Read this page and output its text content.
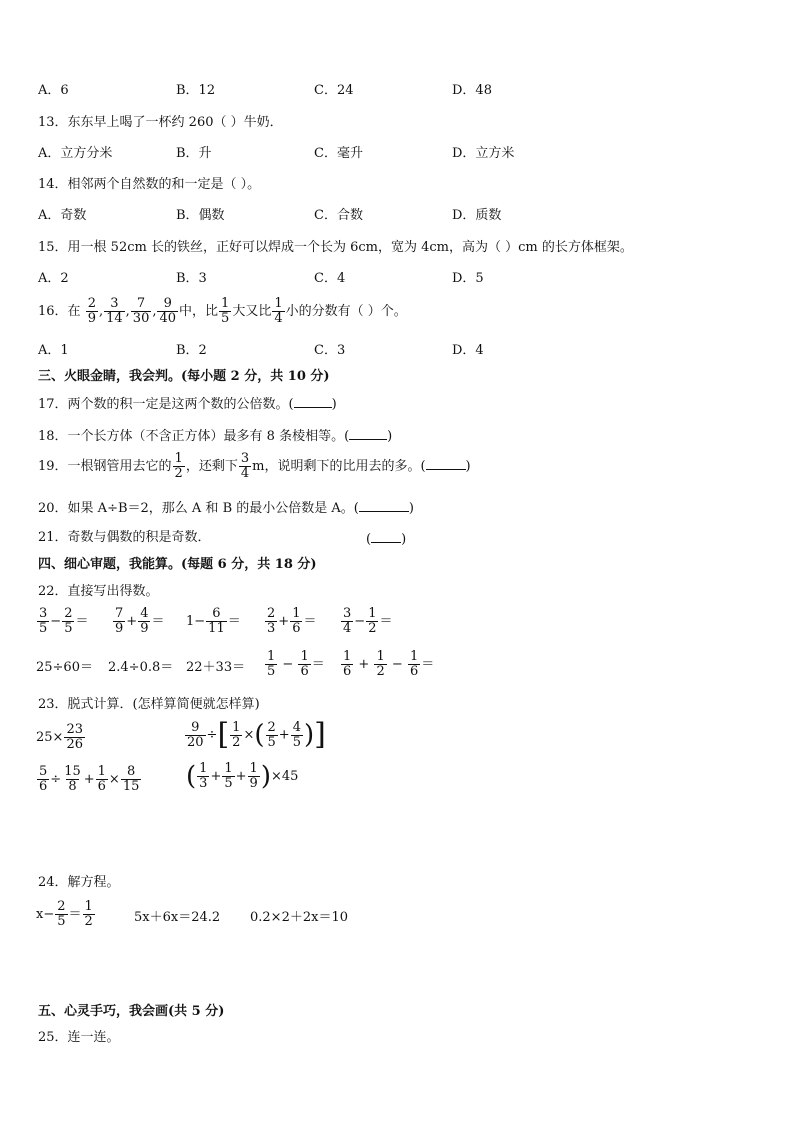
A．6	B．12	C．24	D．48
13．东东早上喝了一杯约 260（ ）牛奶．
A．立方分米	B．升	C．毫升	D．立方米
14．相邻两个自然数的和一定是（ ）。
A．奇数	B．偶数	C．合数	D．质数
15．用一根 52cm 长的铁丝，正好可以焊成一个长为 6cm，宽为 4cm，高为（ ）cm 的长方体框架。
A．2	B．3	C．4	D．5
16．在 $\frac{2}{9}$ , $\frac{3}{14}$ , $\frac{7}{30}$ , $\frac{9}{40}$ 中，比 $\frac{1}{5}$ 大又比 $\frac{1}{4}$ 小的分数有（ ）个。
A．1	B．2	C．3	D．4
三、火眼金睛，我会判。(每小题 2 分，共 10 分)
17．两个数的积一定是这两个数的公倍数。(	)
18．一个长方体（不含正方体）最多有 8 条棱相等。(	)
19．一根钢管用去它的 $\frac{1}{2}$ ，还剩下 $\frac{3}{4}$ m，说明剩下的比用去的多。(	)
20．如果 A÷B＝2，那么 A 和 B 的最小公倍数是 A。(	)
21．奇数与偶数的积是奇数．	( )
四、细心审题，我能算。(每题 6 分，共 18 分)
22．直接写出得数。
$\frac{3}{5} - \frac{2}{5} = \frac{7}{9} + \frac{4}{9} = 1- \frac{6}{11} = \frac{2}{3} + \frac{1}{6} = \frac{3}{4} - \frac{1}{2}$ ＝
$25\div 60= 2.4\div 0.8= 22+33= \frac{1}{5} - \frac{1}{6} = \frac{1}{6} + \frac{1}{2} - \frac{1}{6}$ ＝
23．脱式计算．(怎样算简便就怎样算)
$25\times \frac{23}{26}$	$\frac{9}{20}$ ÷[ $\frac{1}{2}$ ×( $\frac{2}{5} + \frac{4}{5}$ )]
$\frac{5}{6} \div \frac{15}{8} + \frac{1}{6} \times \frac{8}{15}$ ( $\frac{1}{3} + \frac{1}{5} + \frac{1}{9} )\times 45$
24．解方程。
$x- \frac{2}{5} = \frac{1}{2}$	5x＋6x＝24.2 0.2×2＋2x＝10
五、心灵手巧，我会画(共 5 分)
25．连一连。
